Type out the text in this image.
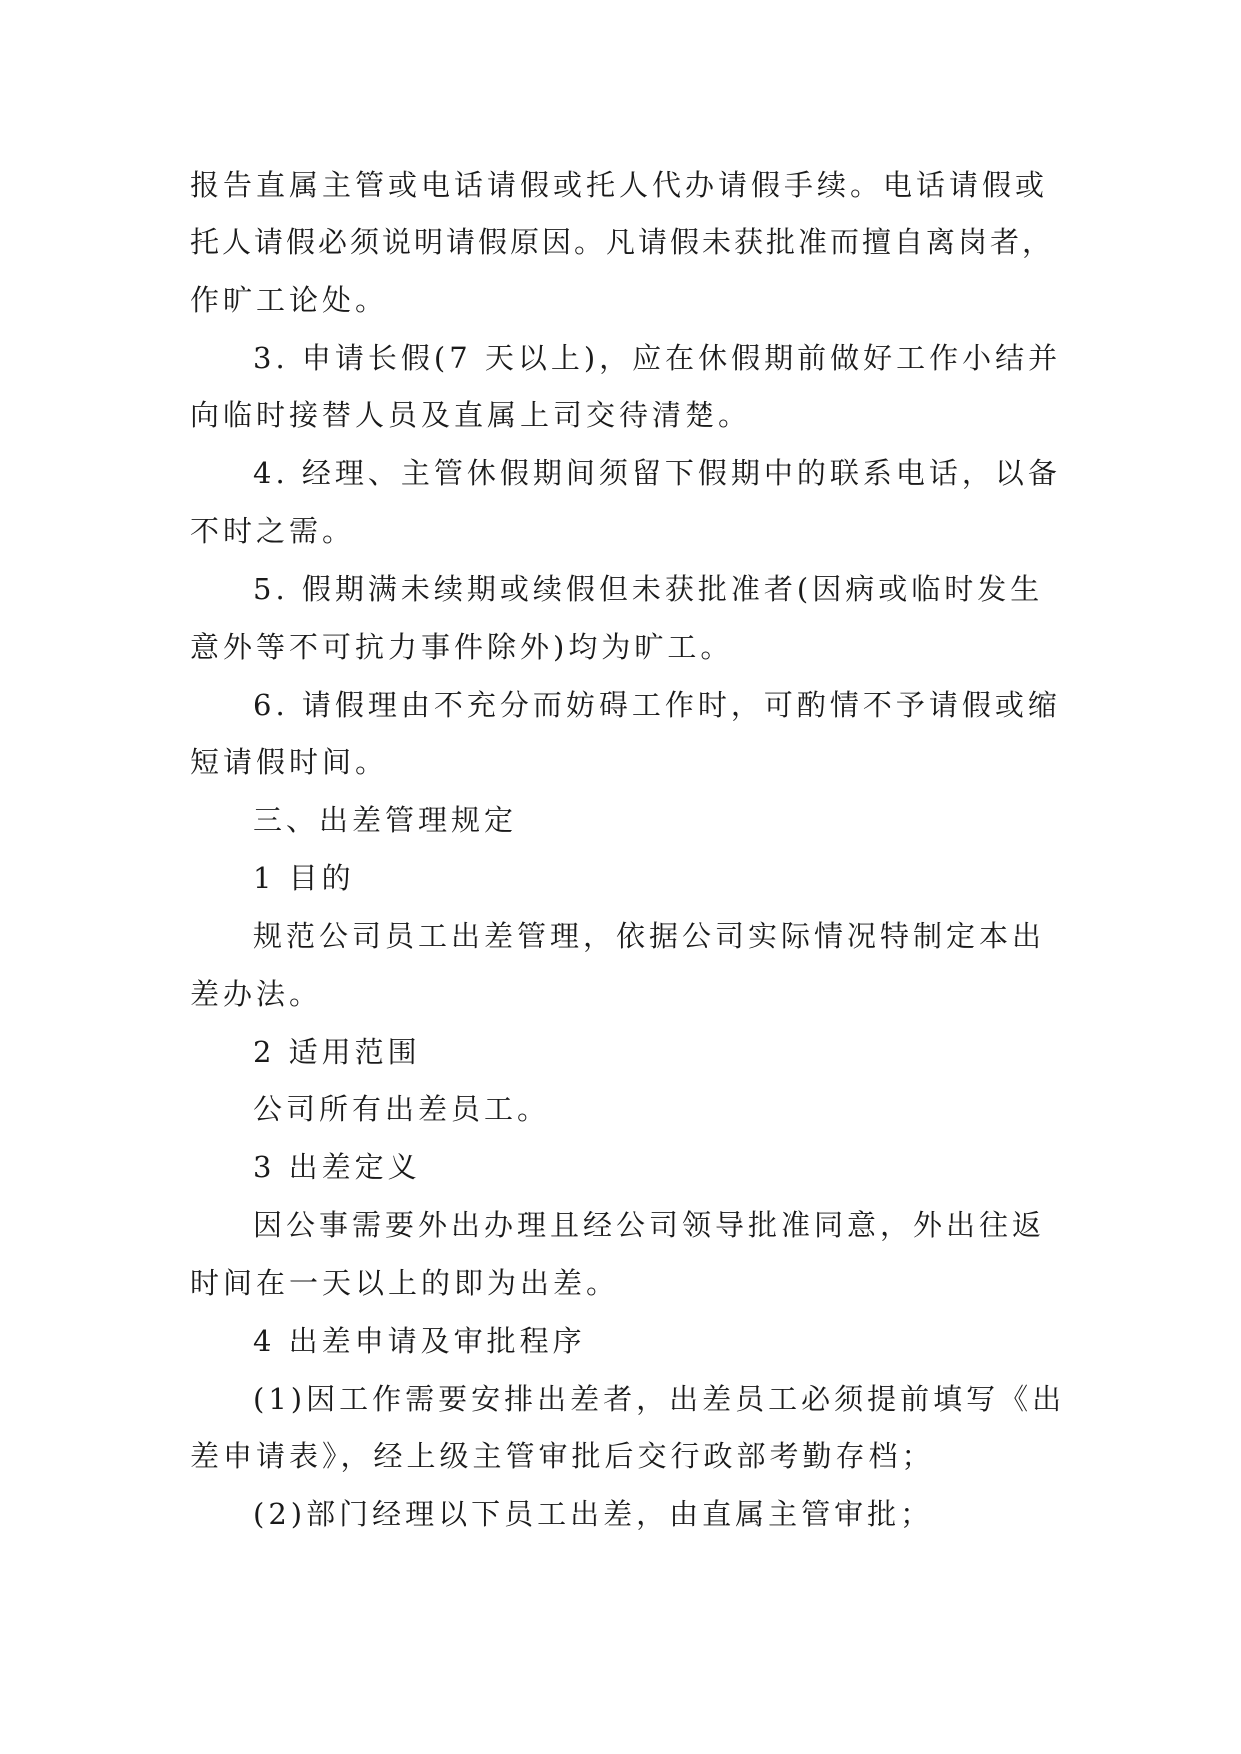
报告直属主管或电话请假或托人代办请假手续。电话请假或

托人请假必须说明请假原因。凡请假未获批准而擅自离岗者，

作旷工论处。

3. 申请长假(7 天以上)，应在休假期前做好工作小结并

向临时接替人员及直属上司交待清楚。

4. 经理、主管休假期间须留下假期中的联系电话，以备

不时之需。

5. 假期满未续期或续假但未获批准者(因病或临时发生

意外等不可抗力事件除外)均为旷工。

6. 请假理由不充分而妨碍工作时，可酌情不予请假或缩

短请假时间。

三、出差管理规定

1 目的

规范公司员工出差管理，依据公司实际情况特制定本出

差办法。

2 适用范围

公司所有出差员工。

3 出差定义

因公事需要外出办理且经公司领导批准同意，外出往返

时间在一天以上的即为出差。

4 出差申请及审批程序

(1)因工作需要安排出差者，出差员工必须提前填写《出

差申请表》，经上级主管审批后交行政部考勤存档；

(2)部门经理以下员工出差，由直属主管审批；
